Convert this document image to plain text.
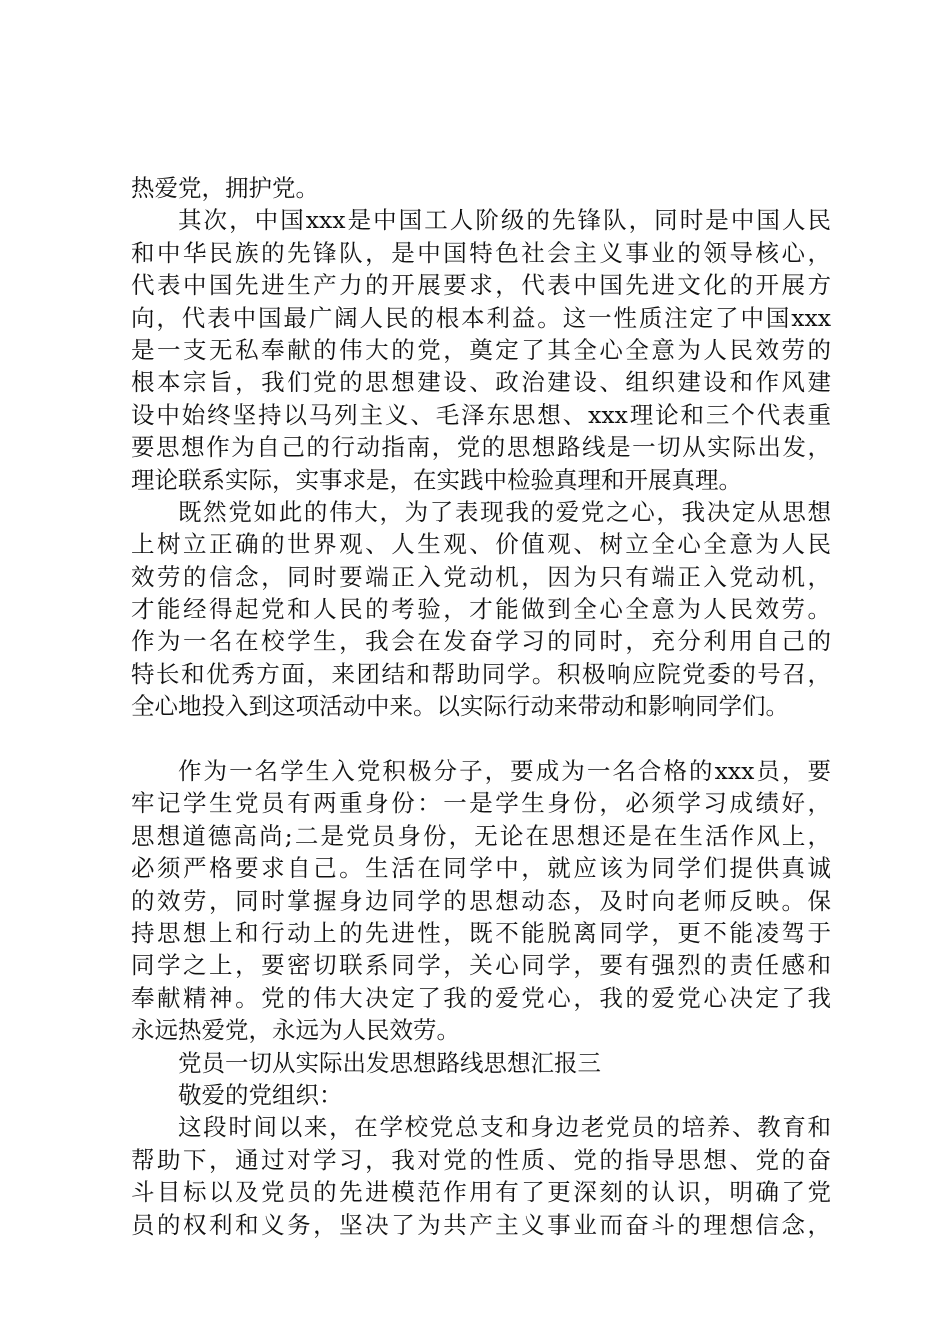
热爱党，拥护党。
其次，中国xxx是中国工人阶级的先锋队，同时是中国人民
和中华民族的先锋队，是中国特色社会主义事业的领导核心，
代表中国先进生产力的开展要求，代表中国先进文化的开展方
向，代表中国最广阔人民的根本利益。这一性质注定了中国xxx
是一支无私奉献的伟大的党，奠定了其全心全意为人民效劳的
根本宗旨，我们党的思想建设、政治建设、组织建设和作风建
设中始终坚持以马列主义、毛泽东思想、xxx理论和三个代表重
要思想作为自己的行动指南，党的思想路线是一切从实际出发，
理论联系实际，实事求是，在实践中检验真理和开展真理。
既然党如此的伟大，为了表现我的爱党之心，我决定从思想
上树立正确的世界观、人生观、价值观、树立全心全意为人民
效劳的信念，同时要端正入党动机，因为只有端正入党动机，
才能经得起党和人民的考验，才能做到全心全意为人民效劳。
作为一名在校学生，我会在发奋学习的同时，充分利用自己的
特长和优秀方面，来团结和帮助同学。积极响应院党委的号召，
全心地投入到这项活动中来。以实际行动来带动和影响同学们。
作为一名学生入党积极分子，要成为一名合格的xxx员，要
牢记学生党员有两重身份：一是学生身份，必须学习成绩好，
思想道德高尚;二是党员身份，无论在思想还是在生活作风上，
必须严格要求自己。生活在同学中，就应该为同学们提供真诚
的效劳，同时掌握身边同学的思想动态，及时向老师反映。保
持思想上和行动上的先进性，既不能脱离同学，更不能凌驾于
同学之上，要密切联系同学，关心同学，要有强烈的责任感和
奉献精神。党的伟大决定了我的爱党心，我的爱党心决定了我
永远热爱党，永远为人民效劳。
党员一切从实际出发思想路线思想汇报三
敬爱的党组织：
这段时间以来，在学校党总支和身边老党员的培养、教育和
帮助下，通过对学习，我对党的性质、党的指导思想、党的奋
斗目标以及党员的先进模范作用有了更深刻的认识，明确了党
员的权利和义务，坚决了为共产主义事业而奋斗的理想信念，
